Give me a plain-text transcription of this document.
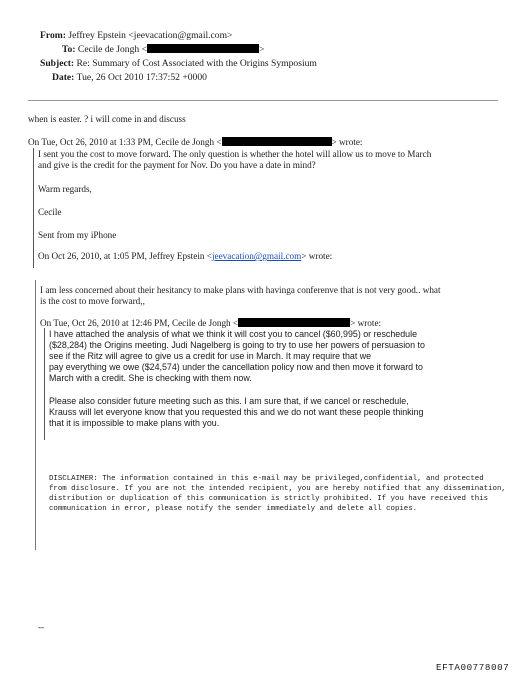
From: Jeffrey Epstein <jeevacation@gmail.com>
To: Cecile de Jongh <	>
Subject: Re: Summary of Cost Associated with the Origins Symposium
Date: Tue, 26 Oct 2010 17:37:52 +0000
when is easter. ? i will come in and discuss
On Tue, Oct 26, 2010 at 1:33 PM, Cecile de Jongh <	> wrote:
I sent you the cost to move forward. The only question is whether the hotel will allow us to move to March
and give is the credit for the payment for Nov. Do you have a date in mind?
Warm regards,
Cecile
Sent from my iPhone
On Oct 26, 2010, at 1:05 PM, Jeffrey Epstein <jeevacation@gmail.com> wrote:
I am less concerned about their hesitancy to make plans with havinga conferenve that is not very good.. what
is the cost to move forward,,
On Tue, Oct 26, 2010 at 12:46 PM, Cecile de Jongh <	> wrote:
I have attached the analysis of what we think it will cost you to cancel ($60,995) or reschedule
($28,284) the Origins meeting. Judi Nagelberg is going to try to use her powers of persuasion to
see if the Ritz will agree to give us a credit for use in March. It may require that we
pay everything we owe ($24,574) under the cancellation policy now and then move it forward to
March with a credit. She is checking with them now.
Please also consider future meeting such as this. I am sure that, if we cancel or reschedule,
Krauss will let everyone know that you requested this and we do not want these people thinking
that it is impossible to make plans with you.
DISCLAIMER: The information contained in this e-mail may be privileged,confidential, and protected
from disclosure. If you are not the intended recipient, you are hereby notified that any dissemination,
distribution or duplication of this communication is strictly prohibited. If you have received this
communication in error, please notify the sender immediately and delete all copies.
--
EFTA00778007
